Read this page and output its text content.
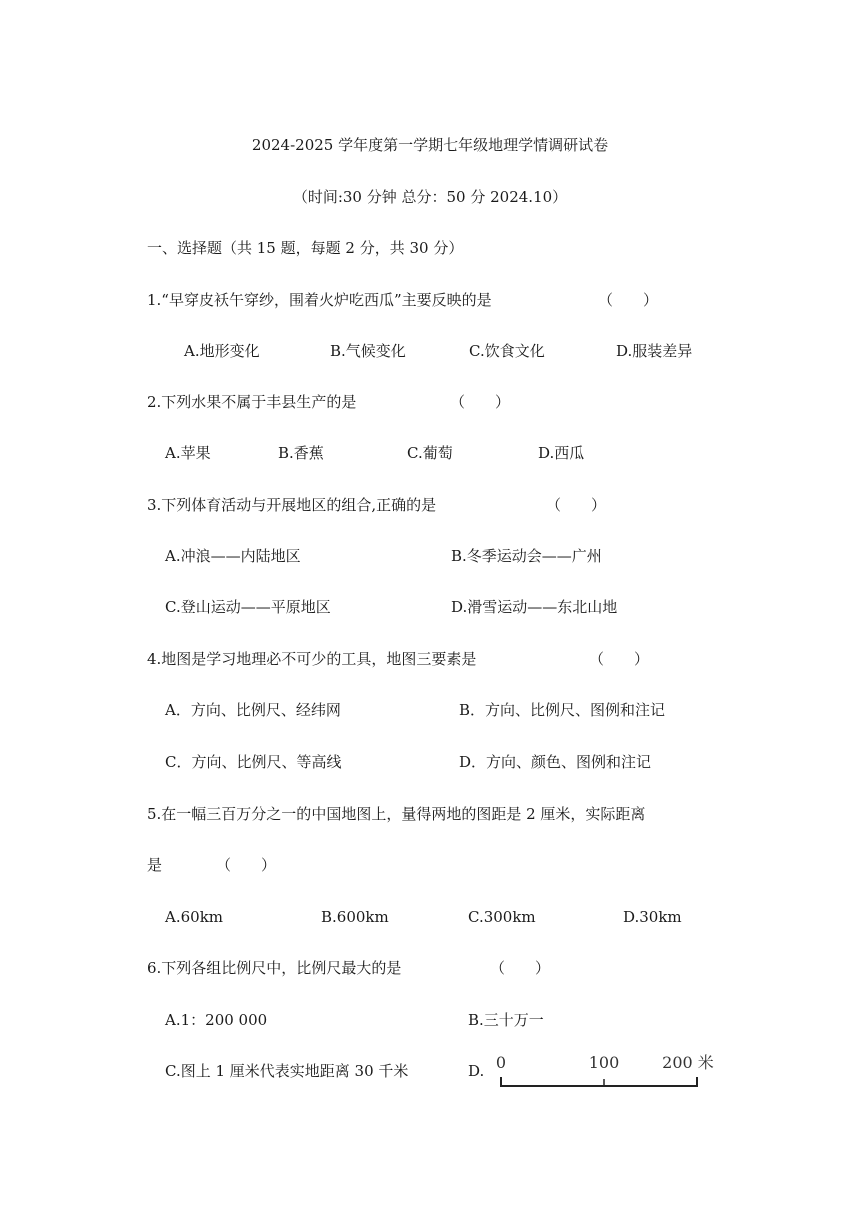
2024-2025 学年度第一学期七年级地理学情调研试卷
（时间:30 分钟 总分：50 分 2024.10）
一、选择题（共 15 题，每题 2 分，共 30 分）
1.“早穿皮袄午穿纱，围着火炉吃西瓜”主要反映的是	（　　）
A.地形变化	B.气候变化	C.饮食文化	D.服装差异
2.下列水果不属于丰县生产的是	（　　）
A.苹果	B.香蕉	C.葡萄	D.西瓜
3.下列体育活动与开展地区的组合,正确的是	（　　）
A.冲浪——内陆地区	B.冬季运动会——广州
C.登山运动——平原地区	D.滑雪运动——东北山地
4.地图是学习地理必不可少的工具，地图三要素是	（　　）
A．方向、比例尺、经纬网	B．方向、比例尺、图例和注记
C．方向、比例尺、等高线	D．方向、颜色、图例和注记
5.在一幅三百万分之一的中国地图上，量得两地的图距是 2 厘米，实际距离
是	（　　）
A.60km	B.600km	C.300km	D.30km
6.下列各组比例尺中，比例尺最大的是	（　　）
A.1：200 000	B.三十万一
C.图上 1 厘米代表实地距离 30 千米	D. 0	100	200 米
